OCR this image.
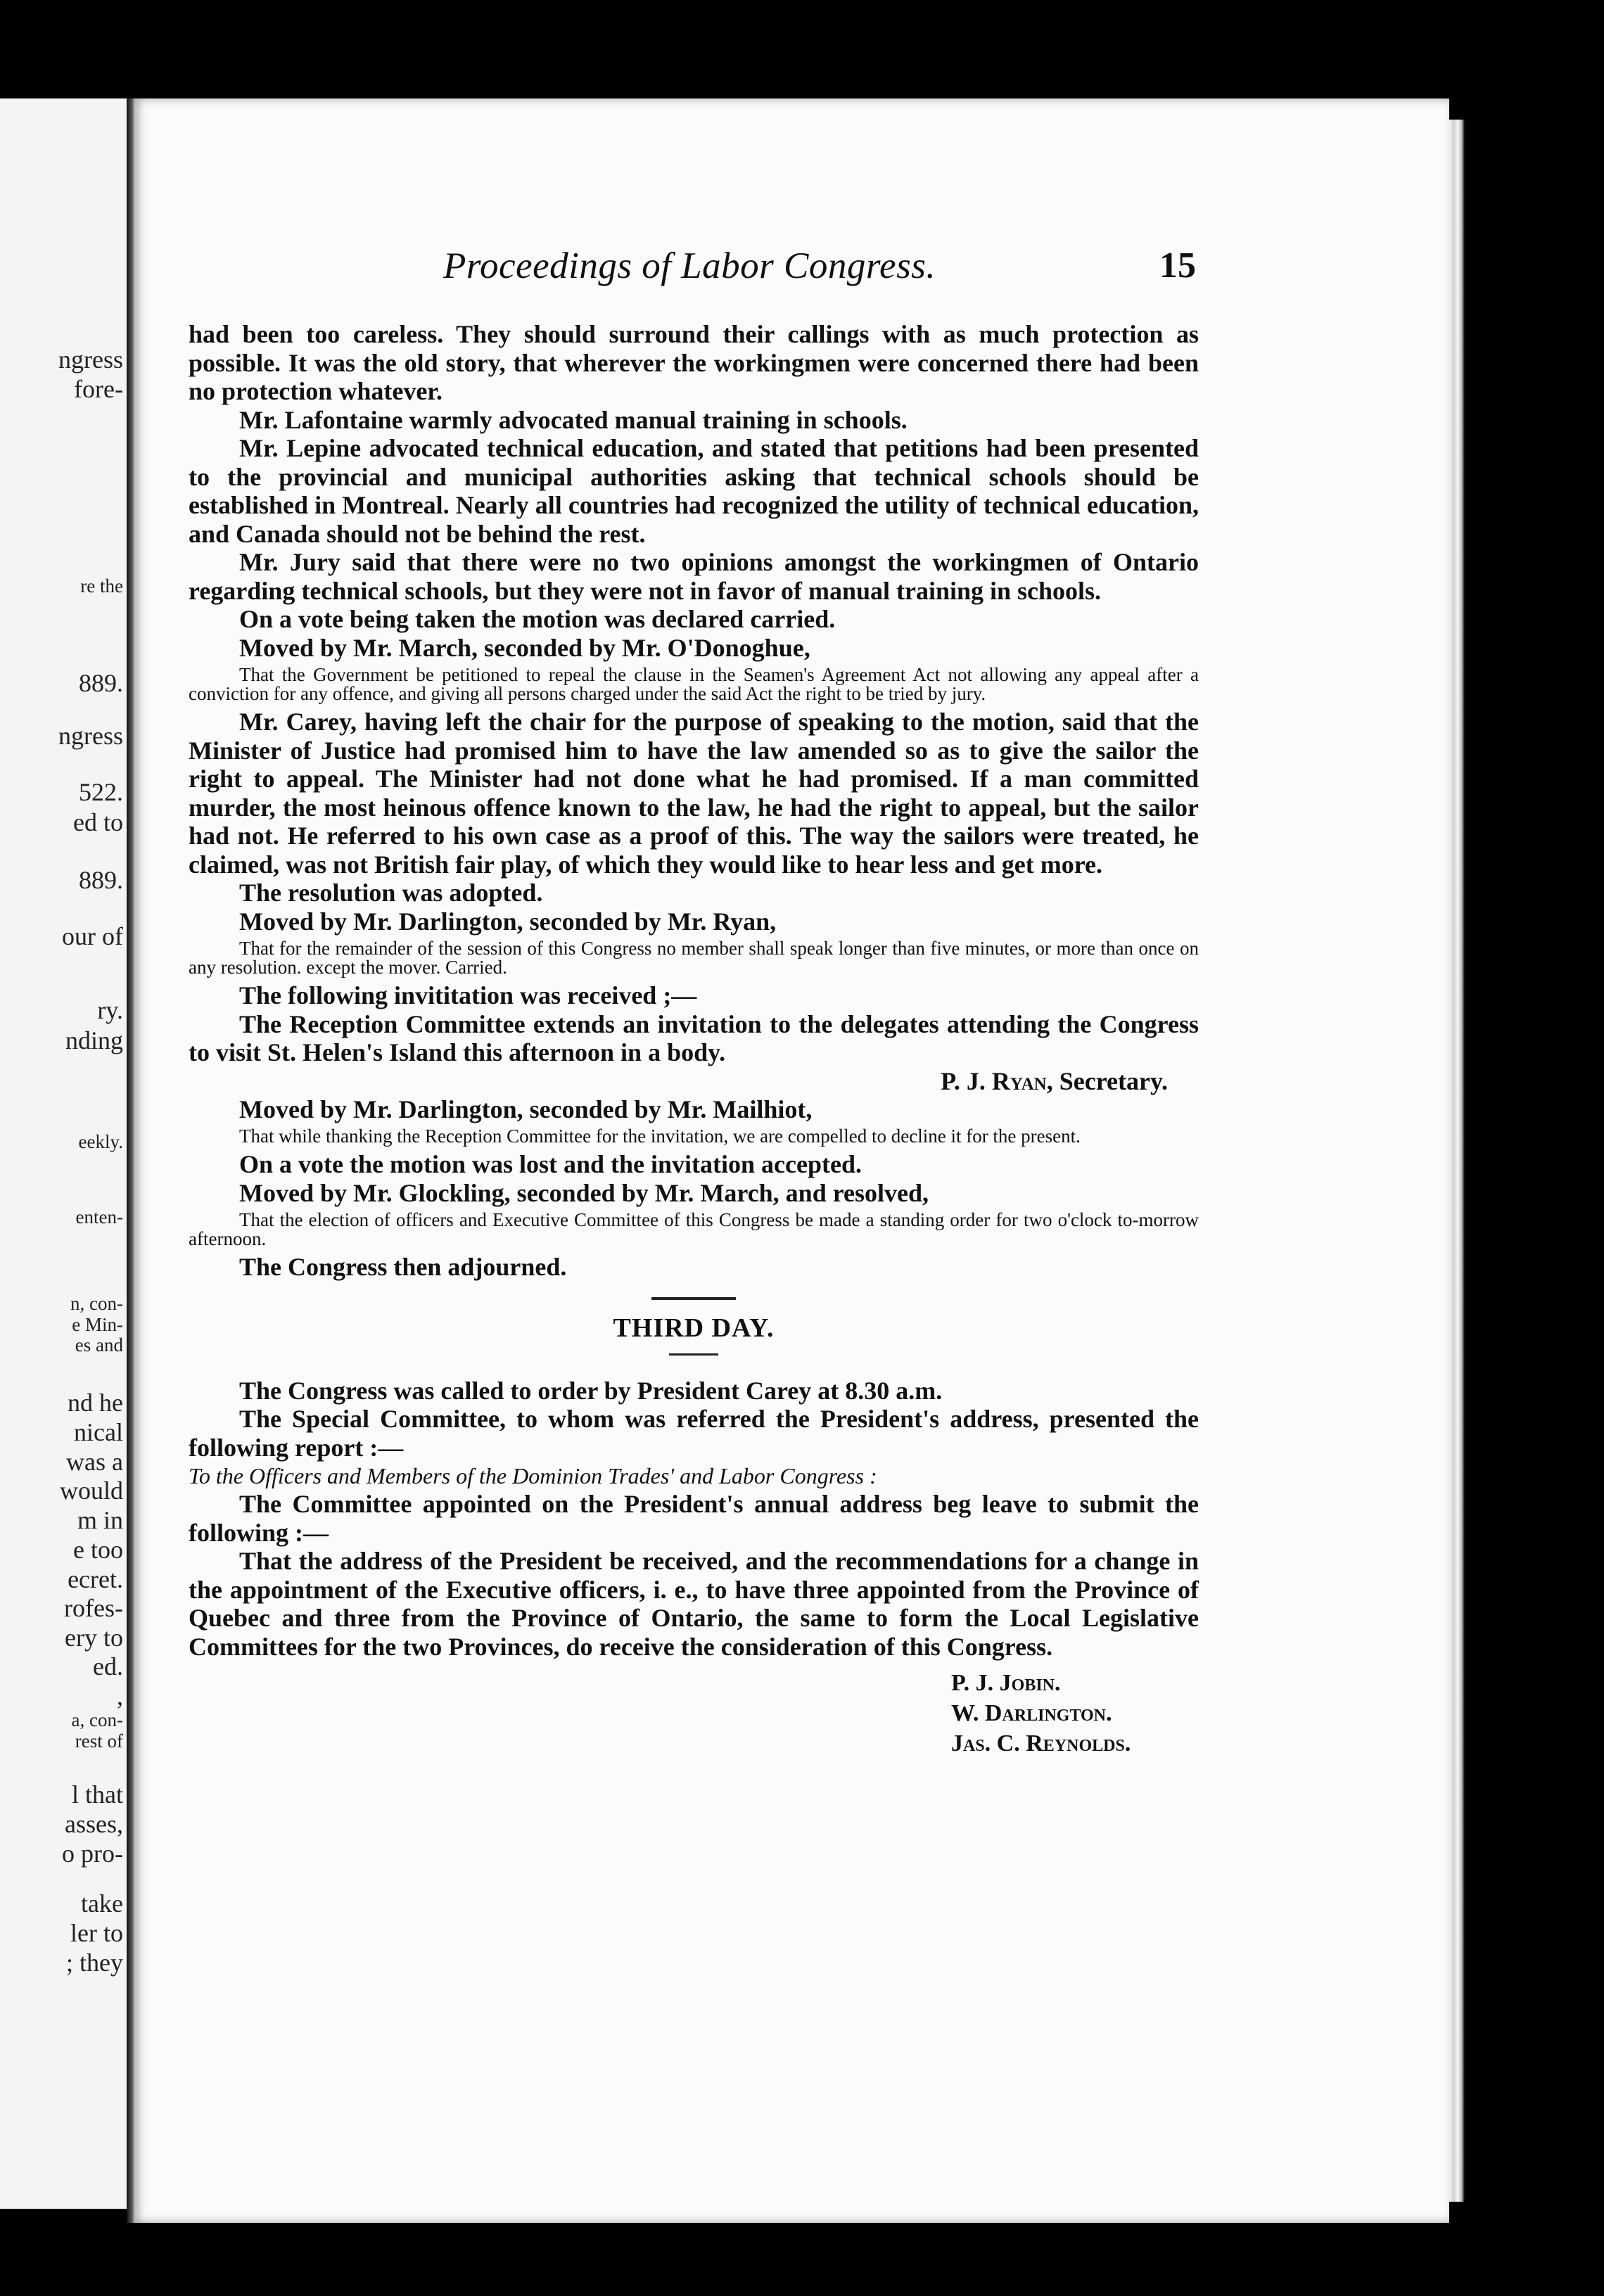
ngress
fore-
re the
889.
ngress
522.
ed to
889.
our of
ry.
nding
eekly.
enten-
n, con-
e Min-
es and
nd he
nical
was a
would
m in
e too
ecret.
rofes-
ery to
ed.
,
a, con-
rest of
l that
asses,
o pro-
take
ler to
; they
Proceedings of Labor Congress.	15

had been too careless. They should surround their callings with as much protection as possible. It was the old story, that wherever the workingmen were concerned there had been no protection whatever.

Mr. Lafontaine warmly advocated manual training in schools.

Mr. Lepine advocated technical education, and stated that petitions had been presented to the provincial and municipal authorities asking that technical schools should be established in Montreal. Nearly all countries had recognized the utility of technical education, and Canada should not be behind the rest.

Mr. Jury said that there were no two opinions amongst the workingmen of Ontario regarding technical schools, but they were not in favor of manual training in schools.

On a vote being taken the motion was declared carried.

Moved by Mr. March, seconded by Mr. O'Donoghue,

That the Government be petitioned to repeal the clause in the Seamen's Agreement Act not allowing any appeal after a conviction for any offence, and giving all persons charged under the said Act the right to be tried by jury.

Mr. Carey, having left the chair for the purpose of speaking to the motion, said that the Minister of Justice had promised him to have the law amended so as to give the sailor the right to appeal. The Minister had not done what he had promised. If a man committed murder, the most heinous offence known to the law, he had the right to appeal, but the sailor had not. He referred to his own case as a proof of this. The way the sailors were treated, he claimed, was not British fair play, of which they would like to hear less and get more.

The resolution was adopted.

Moved by Mr. Darlington, seconded by Mr. Ryan,

That for the remainder of the session of this Congress no member shall speak longer than five minutes, or more than once on any resolution. except the mover. Carried.

The following invititation was received ;—

The Reception Committee extends an invitation to the delegates attending the Congress to visit St. Helen's Island this afternoon in a body.

P. J. Ryan, Secretary.

Moved by Mr. Darlington, seconded by Mr. Mailhiot,

That while thanking the Reception Committee for the invitation, we are compelled to decline it for the present.

On a vote the motion was lost and the invitation accepted.

Moved by Mr. Glockling, seconded by Mr. March, and resolved,

That the election of officers and Executive Committee of this Congress be made a standing order for two o'clock to-morrow afternoon.

The Congress then adjourned.

THIRD DAY.

The Congress was called to order by President Carey at 8.30 a.m.

The Special Committee, to whom was referred the President's address, presented the following report :—

To the Officers and Members of the Dominion Trades' and Labor Congress :

The Committee appointed on the President's annual address beg leave to submit the following :—

That the address of the President be received, and the recommendations for a change in the appointment of the Executive officers, i. e., to have three appointed from the Province of Quebec and three from the Province of Ontario, the same to form the Local Legislative Committees for the two Provinces, do receive the consideration of this Congress.

P. J. Jobin.
W. Darlington.
Jas. C. Reynolds.
